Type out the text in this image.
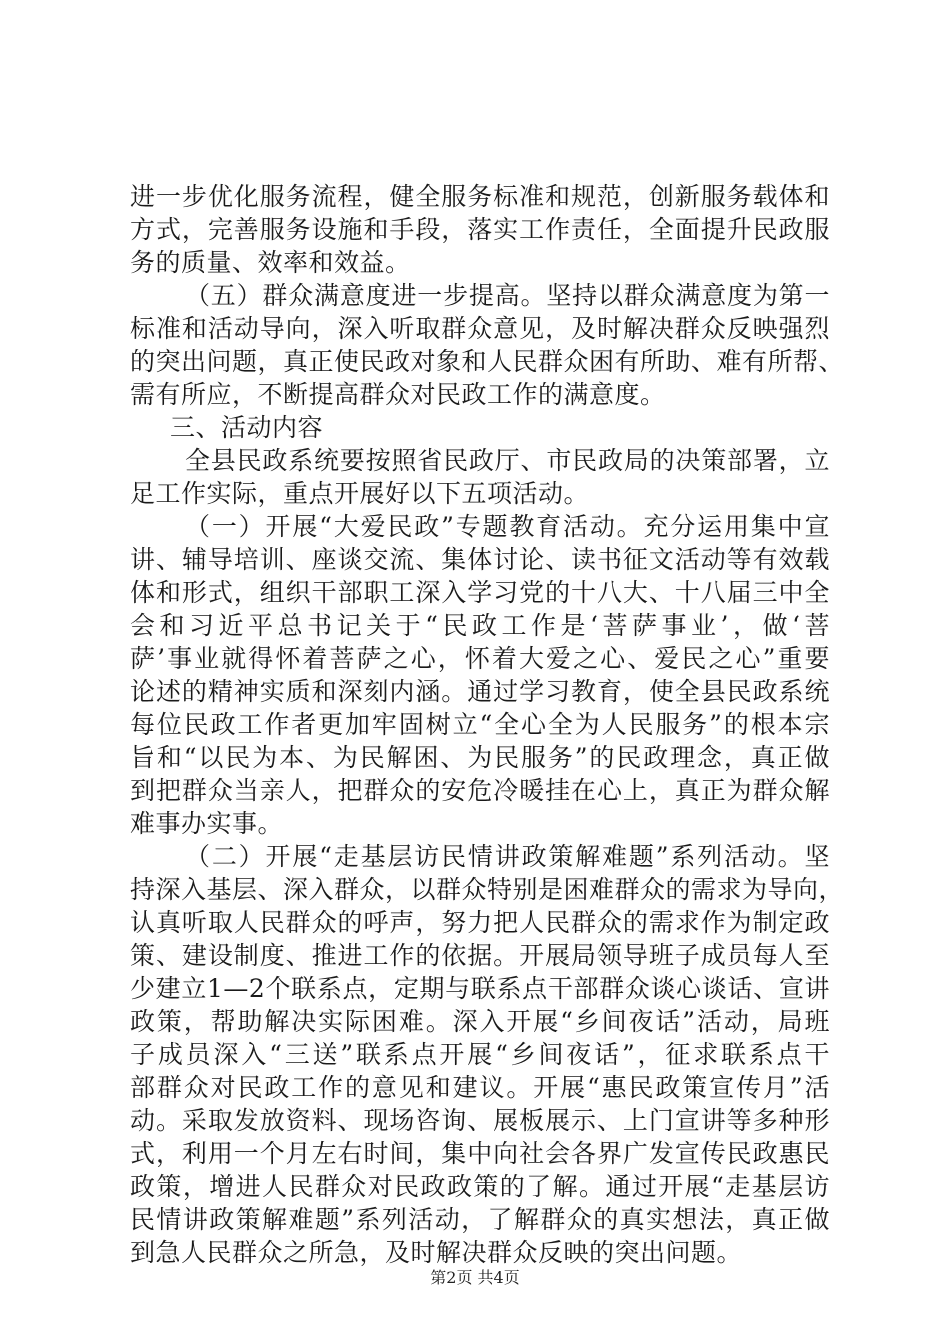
进一步优化服务流程，健全服务标准和规范，创新服务载体和
方式，完善服务设施和手段，落实工作责任，全面提升民政服
务的质量、效率和效益。
（五）群众满意度进一步提高。坚持以群众满意度为第一
标准和活动导向，深入听取群众意见，及时解决群众反映强烈
的突出问题，真正使民政对象和人民群众困有所助、难有所帮、
需有所应，不断提高群众对民政工作的满意度。
三、活动内容
全县民政系统要按照省民政厅、市民政局的决策部署，立
足工作实际，重点开展好以下五项活动。
（一）开展“大爱民政”专题教育活动。充分运用集中宣
讲、辅导培训、座谈交流、集体讨论、读书征文活动等有效载
体和形式，组织干部职工深入学习党的十八大、十八届三中全
会和习近平总书记关于“民政工作是‘菩萨事业’，做‘菩
萨’事业就得怀着菩萨之心，怀着大爱之心、爱民之心”重要
论述的精神实质和深刻内涵。通过学习教育，使全县民政系统
每位民政工作者更加牢固树立“全心全为人民服务”的根本宗
旨和“以民为本、为民解困、为民服务”的民政理念，真正做
到把群众当亲人，把群众的安危冷暖挂在心上，真正为群众解
难事办实事。
（二）开展“走基层访民情讲政策解难题”系列活动。坚
持深入基层、深入群众，以群众特别是困难群众的需求为导向，
认真听取人民群众的呼声，努力把人民群众的需求作为制定政
策、建设制度、推进工作的依据。开展局领导班子成员每人至
少建立1—2个联系点，定期与联系点干部群众谈心谈话、宣讲
政策，帮助解决实际困难。深入开展“乡间夜话”活动，局班
子成员深入“三送”联系点开展“乡间夜话”，征求联系点干
部群众对民政工作的意见和建议。开展“惠民政策宣传月”活
动。采取发放资料、现场咨询、展板展示、上门宣讲等多种形
式，利用一个月左右时间，集中向社会各界广发宣传民政惠民
政策，增进人民群众对民政政策的了解。通过开展“走基层访
民情讲政策解难题”系列活动，了解群众的真实想法，真正做
到急人民群众之所急，及时解决群众反映的突出问题。
第2页 共4页
